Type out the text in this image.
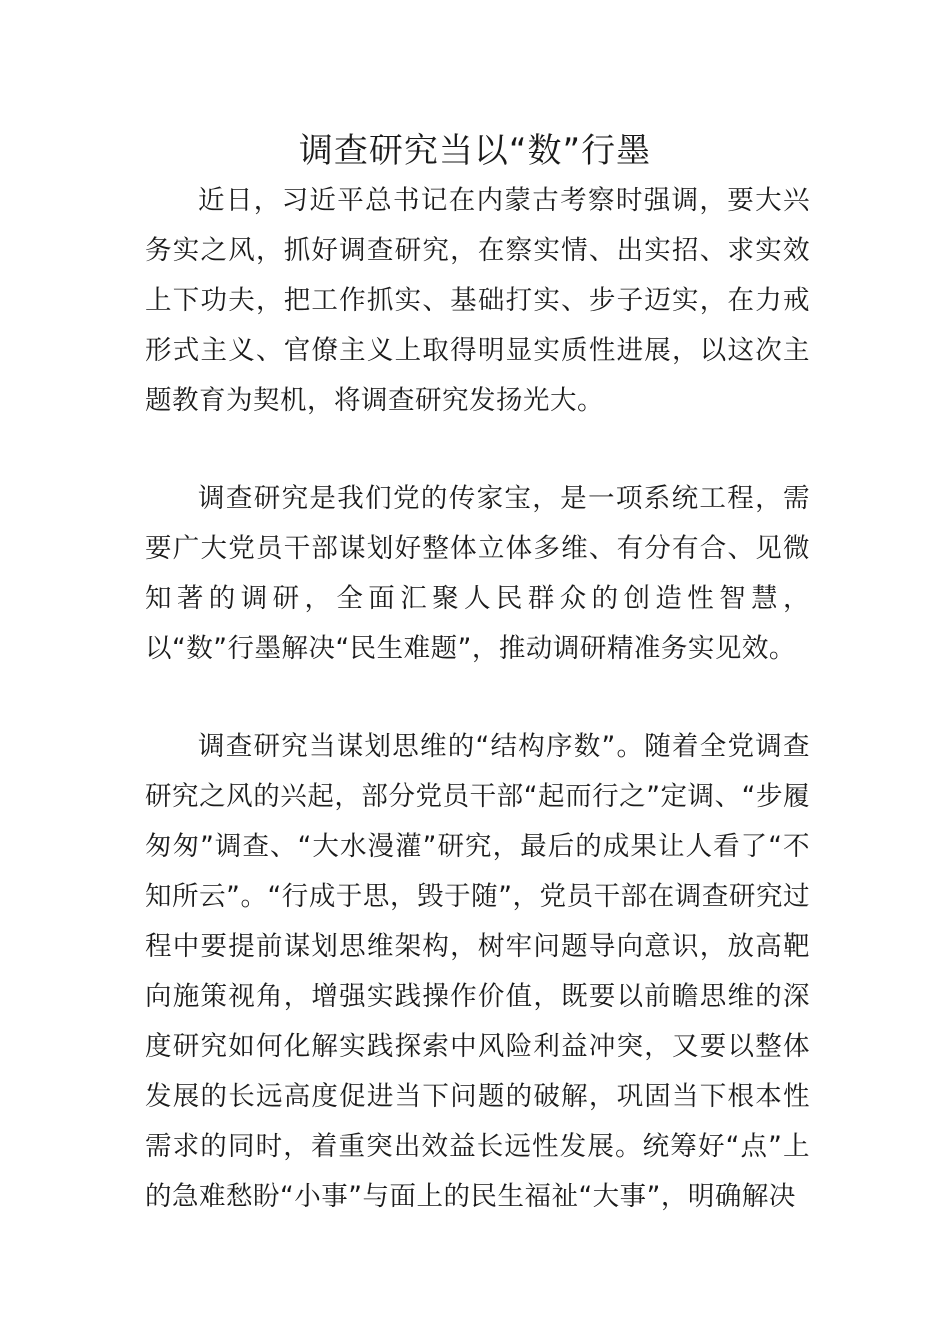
调查研究当以“数”行墨

近日，习近平总书记在内蒙古考察时强调，要大兴务实之风，抓好调查研究，在察实情、出实招、求实效上下功夫，把工作抓实、基础打实、步子迈实，在力戒形式主义、官僚主义上取得明显实质性进展，以这次主题教育为契机，将调查研究发扬光大。

调查研究是我们党的传家宝，是一项系统工程，需要广大党员干部谋划好整体立体多维、有分有合、见微知著的调研，全面汇聚人民群众的创造性智慧，以“数”行墨解决“民生难题”，推动调研精准务实见效。

调查研究当谋划思维的“结构序数”。随着全党调查研究之风的兴起，部分党员干部“起而行之”定调、“步履匆匆”调查、“大水漫灌”研究，最后的成果让人看了“不知所云”。“行成于思，毁于随”，党员干部在调查研究过程中要提前谋划思维架构，树牢问题导向意识，放高靶向施策视角，增强实践操作价值，既要以前瞻思维的深度研究如何化解实践探索中风险利益冲突，又要以整体发展的长远高度促进当下问题的破解，巩固当下根本性需求的同时，着重突出效益长远性发展。统筹好“点”上的急难愁盼“小事”与面上的民生福祉“大事”，明确解决
